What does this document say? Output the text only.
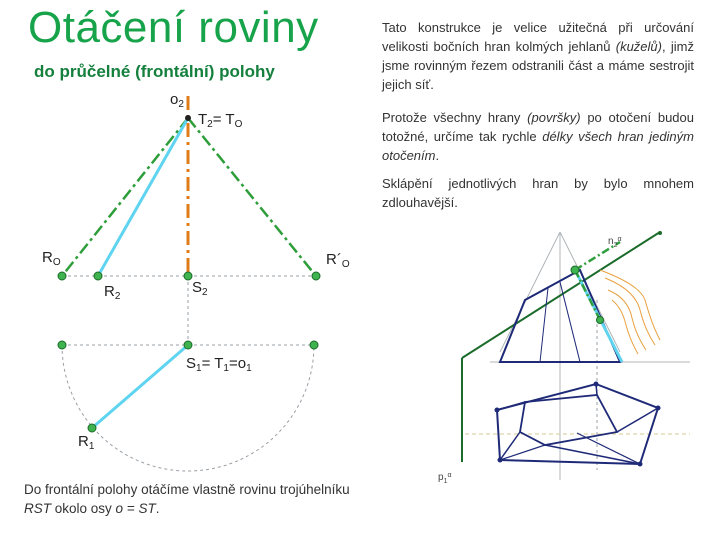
Otáčení roviny
do průčelné (frontální) polohy
Tato konstrukce je velice užitečná při určování velikosti bočních hran kolmých jehlanů (kuželů), jimž jsme rovinným řezem odstranili část a máme sestrojit jejich síť.
Protože všechny hrany (površky) po otočení budou totožné, určíme tak rychle délky všech hran jediným otočením.
Sklápění jednotlivých hran by bylo mnohem zdlouhavější.
Do frontální polohy otáčíme vlastně rovinu trojúhelníku RST okolo osy o = ST.
$o_2$
$T_2= T_O$
$R_O$	$R´_O$
$R_2$
$S_2$
$S_1= T_1=o_1$
$R_1$
$n_2^\alpha$
$p_1^\alpha$
